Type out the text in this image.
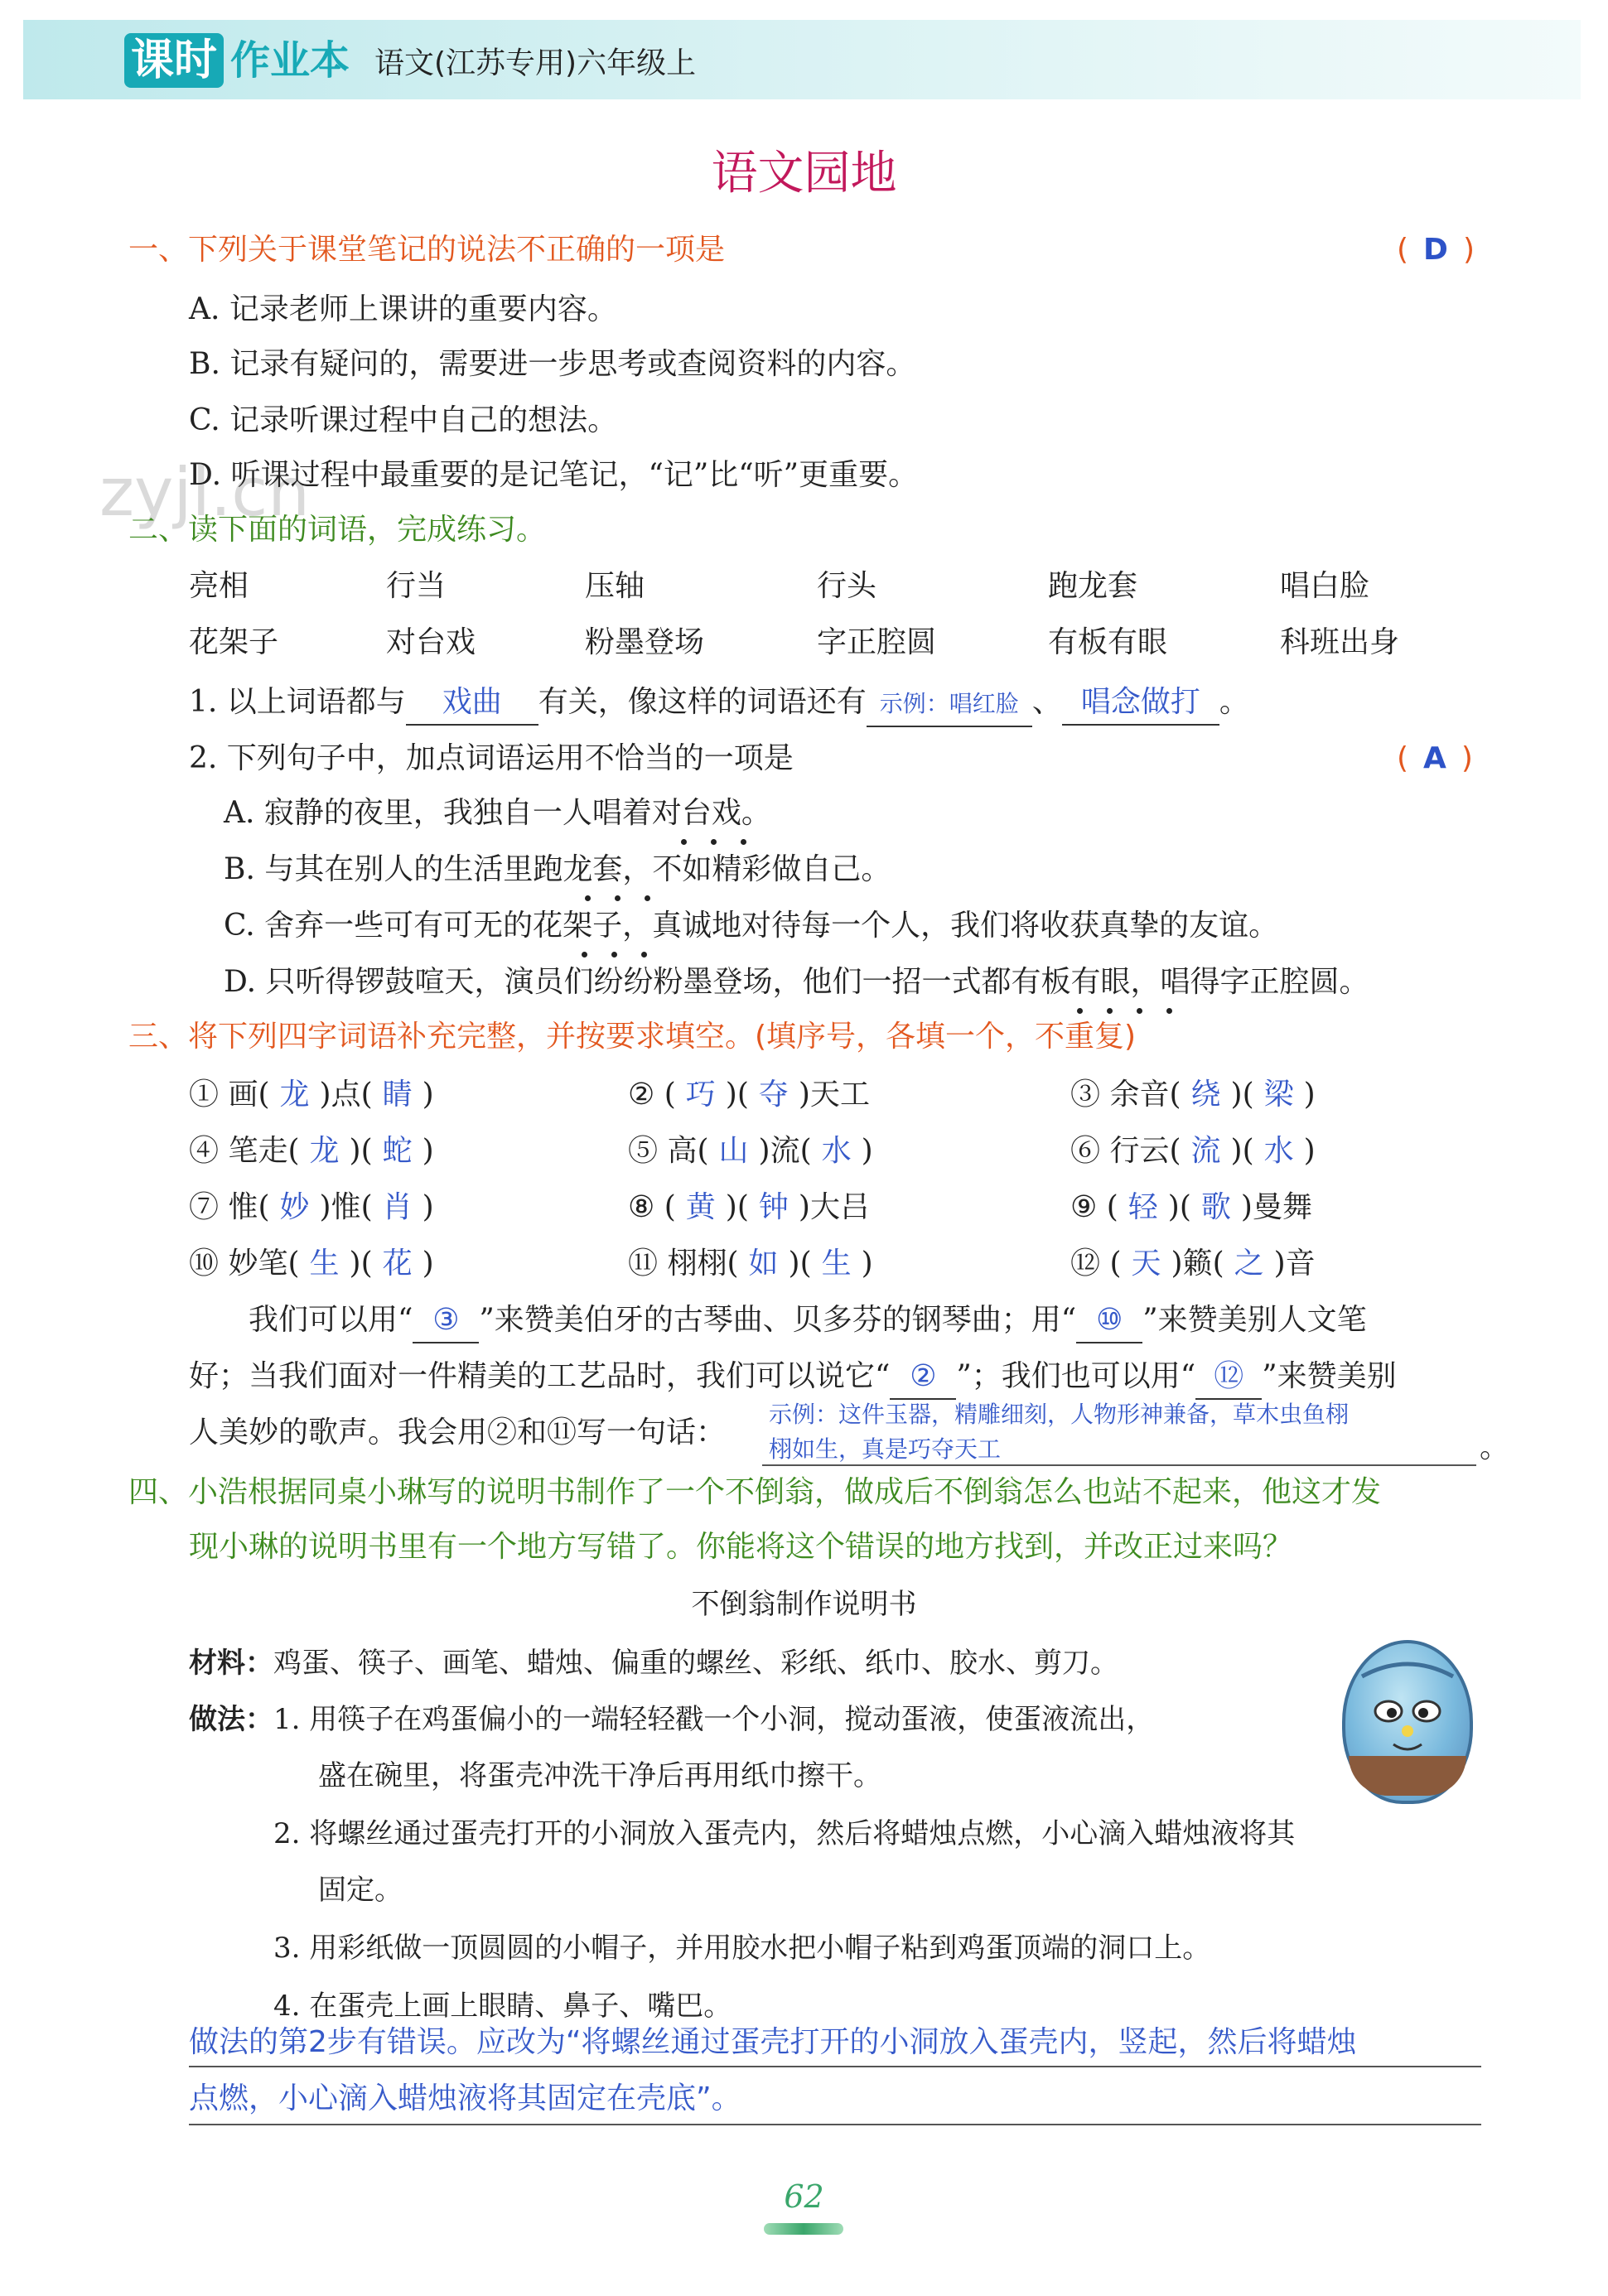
课时 作业本 语文(江苏专用)六年级上
语文园地
zyjl.cn
一、下列关于课堂笔记的说法不正确的一项是	( D )
A. 记录老师上课讲的重要内容。
B. 记录有疑问的，需要进一步思考或查阅资料的内容。
C. 记录听课过程中自己的想法。
D. 听课过程中最重要的是记笔记，“记”比“听”更重要。
二、读下面的词语，完成练习。
亮相	行当	压轴	行头	跑龙套	唱白脸
花架子	对台戏	粉墨登场	字正腔圆	有板有眼	科班出身
1. 以上词语都与 戏曲 有关，像这样的词语还有 示例：唱红脸 、 唱念做打 。
2. 下列句子中，加点词语运用不恰当的一项是	( A )
A. 寂静的夜里，我独自一人唱着对台戏。
B. 与其在别人的生活里跑龙套，不如精彩做自己。
C. 舍弃一些可有可无的花架子，真诚地对待每一个人，我们将收获真挚的友谊。
D. 只听得锣鼓喧天，演员们纷纷粉墨登场，他们一招一式都有板有眼，唱得字正腔圆。
三、将下列四字词语补充完整，并按要求填空。(填序号，各填一个，不重复)
① 画( 龙 )点( 睛 )	② ( 巧 )( 夺 )天工	③ 余音( 绕 )( 梁 )
④ 笔走( 龙 )( 蛇 )	⑤ 高( 山 )流( 水 )	⑥ 行云( 流 )( 水 )
⑦ 惟( 妙 )惟( 肖 )	⑧ ( 黄 )( 钟 )大吕	⑨ ( 轻 )( 歌 )曼舞
⑩ 妙笔( 生 )( 花 )	⑪ 栩栩( 如 )( 生 )	⑫ ( 天 )籁( 之 )音
我们可以用“ ③ ”来赞美伯牙的古琴曲、贝多芬的钢琴曲；用“ ⑩ ”来赞美别人文笔
好；当我们面对一件精美的工艺品时，我们可以说它“ ② ”；我们也可以用“ ⑫ ”来赞美别
人美妙的歌声。我会用②和⑪写一句话：
示例：这件玉器，精雕细刻，人物形神兼备，草木虫鱼栩
栩如生，真是巧夺天工	。
四、小浩根据同桌小琳写的说明书制作了一个不倒翁，做成后不倒翁怎么也站不起来，他这才发
现小琳的说明书里有一个地方写错了。你能将这个错误的地方找到，并改正过来吗？
不倒翁制作说明书
材料：鸡蛋、筷子、画笔、蜡烛、偏重的螺丝、彩纸、纸巾、胶水、剪刀。
做法：1. 用筷子在鸡蛋偏小的一端轻轻戳一个小洞，搅动蛋液，使蛋液流出，
盛在碗里，将蛋壳冲洗干净后再用纸巾擦干。
2. 将螺丝通过蛋壳打开的小洞放入蛋壳内，然后将蜡烛点燃，小心滴入蜡烛液将其
固定。
3. 用彩纸做一顶圆圆的小帽子，并用胶水把小帽子粘到鸡蛋顶端的洞口上。
4. 在蛋壳上画上眼睛、鼻子、嘴巴。
做法的第2步有错误。应改为“将螺丝通过蛋壳打开的小洞放入蛋壳内，竖起，然后将蜡烛
点燃，小心滴入蜡烛液将其固定在壳底”。
62
